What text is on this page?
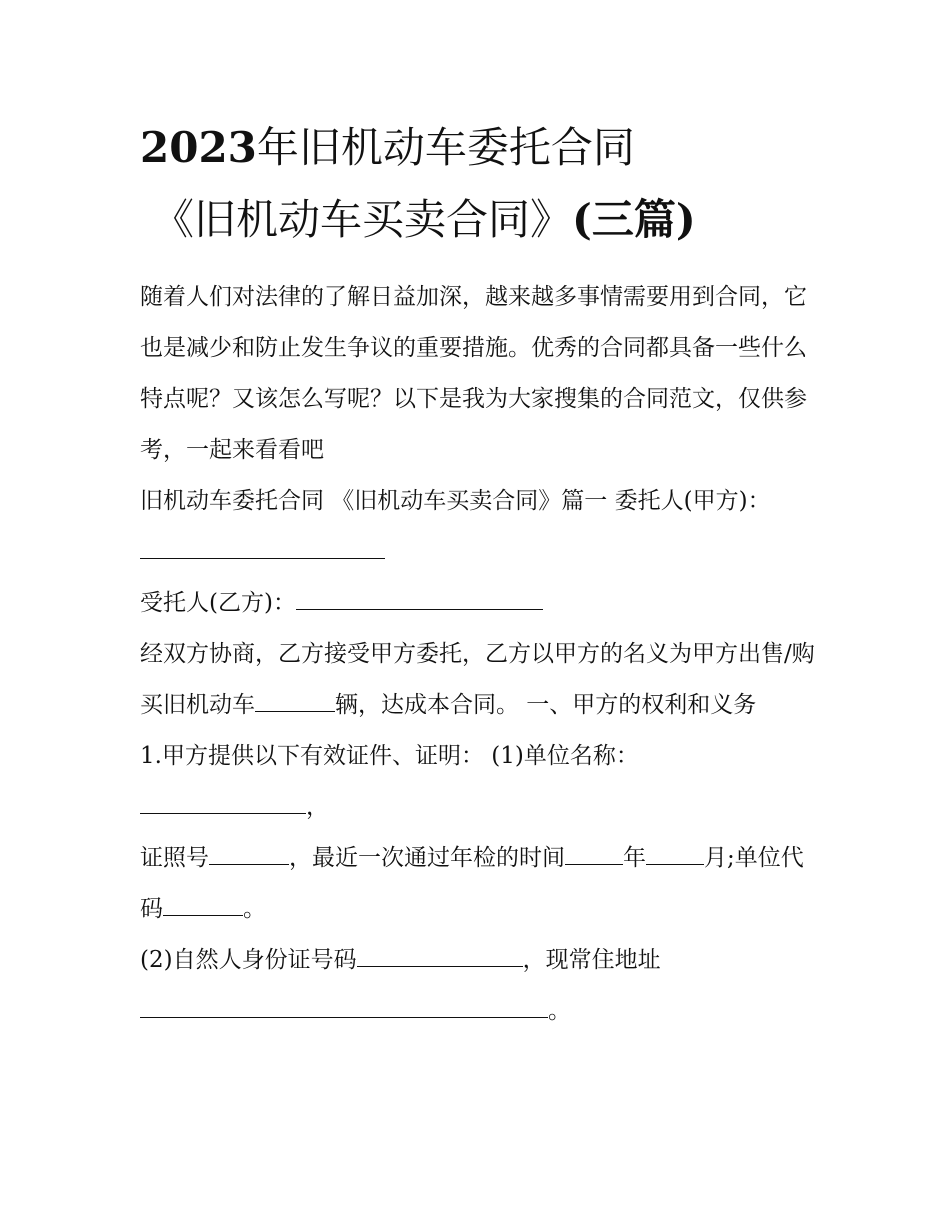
2023年旧机动车委托合同
《旧机动车买卖合同》(三篇)

随着人们对法律的了解日益加深，越来越多事情需要用到合同，它也是减少和防止发生争议的重要措施。优秀的合同都具备一些什么特点呢？又该怎么写呢？以下是我为大家搜集的合同范文，仅供参考，一起来看看吧

旧机动车委托合同 《旧机动车买卖合同》篇一 委托人(甲方)：

受托人(乙方)：

经双方协商，乙方接受甲方委托，乙方以甲方的名义为甲方出售/购买旧机动车	辆，达成本合同。 一、甲方的权利和义务

1.甲方提供以下有效证件、证明： (1)单位名称：
，

证照号	，最近一次通过年检的时间	年	月;单位代码	。

(2)自然人身份证号码	，现常住地址
。
